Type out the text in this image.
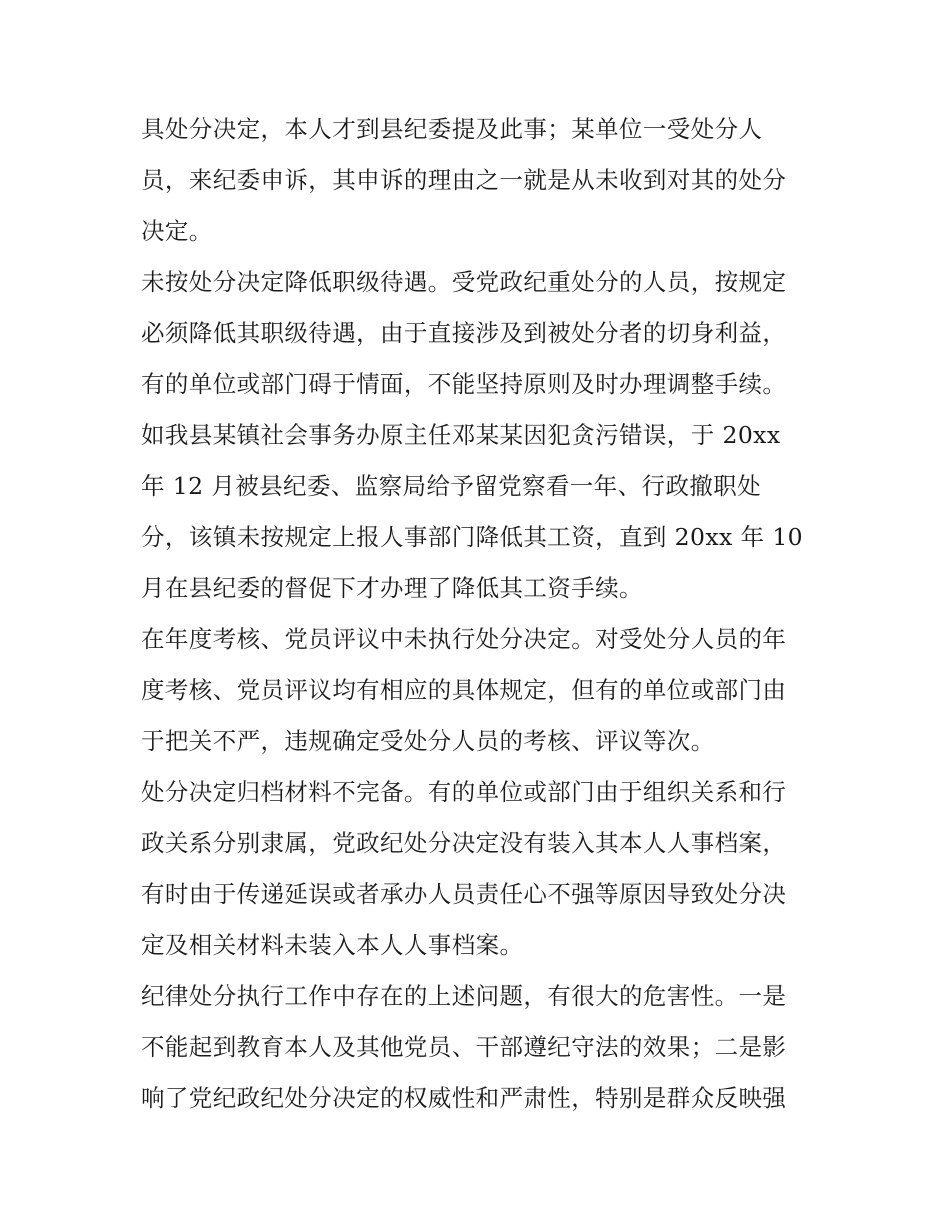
具处分决定，本人才到县纪委提及此事；某单位一受处分人
员，来纪委申诉，其申诉的理由之一就是从未收到对其的处分
决定。
未按处分决定降低职级待遇。受党政纪重处分的人员，按规定
必须降低其职级待遇，由于直接涉及到被处分者的切身利益，
有的单位或部门碍于情面，不能坚持原则及时办理调整手续。
如我县某镇社会事务办原主任邓某某因犯贪污错误，于 20xx
年 12 月被县纪委、监察局给予留党察看一年、行政撤职处
分，该镇未按规定上报人事部门降低其工资，直到 20xx 年 10
月在县纪委的督促下才办理了降低其工资手续。
在年度考核、党员评议中未执行处分决定。对受处分人员的年
度考核、党员评议均有相应的具体规定，但有的单位或部门由
于把关不严，违规确定受处分人员的考核、评议等次。
处分决定归档材料不完备。有的单位或部门由于组织关系和行
政关系分别隶属，党政纪处分决定没有装入其本人人事档案，
有时由于传递延误或者承办人员责任心不强等原因导致处分决
定及相关材料未装入本人人事档案。
纪律处分执行工作中存在的上述问题，有很大的危害性。一是
不能起到教育本人及其他党员、干部遵纪守法的效果；二是影
响了党纪政纪处分决定的权威性和严肃性，特别是群众反映强
